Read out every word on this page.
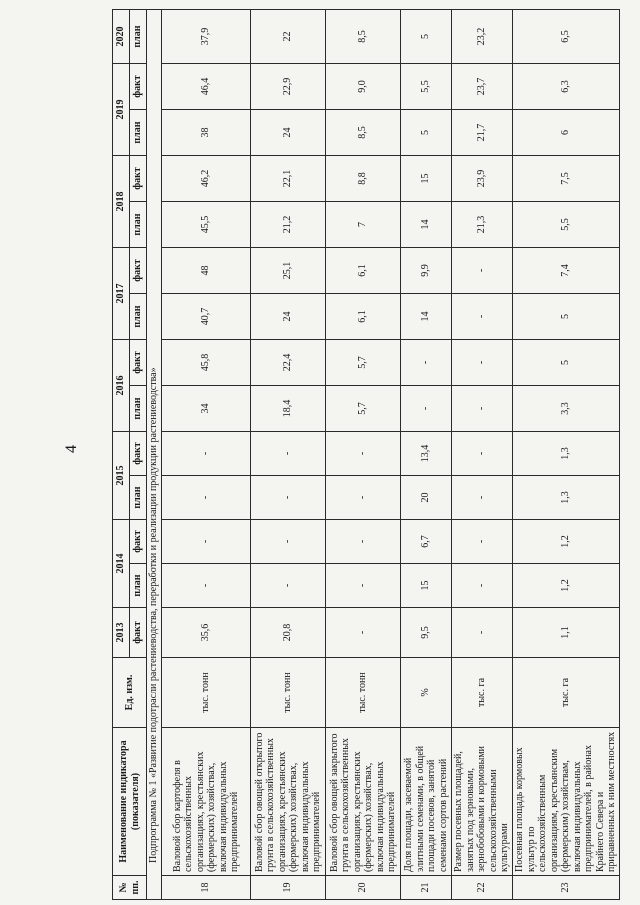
4
№ пп.	Наименование индикатора (показателя)	Ед. изм.	2013	2014		2015		2016		2017		2018		2019		2020
			факт	план	факт	план	факт	план	факт	план	факт	план	факт	план	факт	план
Подпрограмма № 1 «Развитие подотрасли растениеводства, переработки и реализации продукции растениеводства»																
18	Валовой сбор картофеля в сельскохозяйственных организациях, крестьянских (фермерских) хозяйствах, включая индивидуальных предпринимателей	тыс. тонн	35,6	-	-	-	-	34	45,8	40,7	48	45,5	46,2	38	46,4	37,9
19	Валовой сбор овощей открытого грунта в сельскохозяйственных организациях, крестьянских (фермерских) хозяйствах, включая индивидуальных предпринимателей	тыс. тонн	20,8	-	-	-	-	18,4	22,4	24	25,1	21,2	22,1	24	22,9	22
20	Валовой сбор овощей закрытого грунта в сельскохозяйственных организациях, крестьянских (фермерских) хозяйствах, включая индивидуальных предпринимателей	тыс. тонн	-	-	-	-	-	5,7	5,7	6,1	6,1	7	8,8	8,5	9,0	8,5
21	Доля площади, засеваемой элитными семенами, в общей площади посевов, занятой семенами сортов растений	%	9,5	15	6,7	20	13,4	-	-	14	9,9	14	15	5	5,5	5
22	Размер посевных площадей, занятых под зерновыми, зернобобовыми и кормовыми сельскохозяйственными культурами	тыс. га	-	-	-	-	-	-	-	-	-	21,3	23,9	21,7	23,7	23,2
23	Посевная площадь кормовых культур по сельскохозяйственным организациям, крестьянским (фермерским) хозяйствам, включая индивидуальных предпринимателей, в районах Крайнего Севера и приравненных к ним местностях	тыс. га	1,1	1,2	1,2	1,3	1,3	3,3	5	5	7,4	5,5	7,5	6	6,3	6,5
